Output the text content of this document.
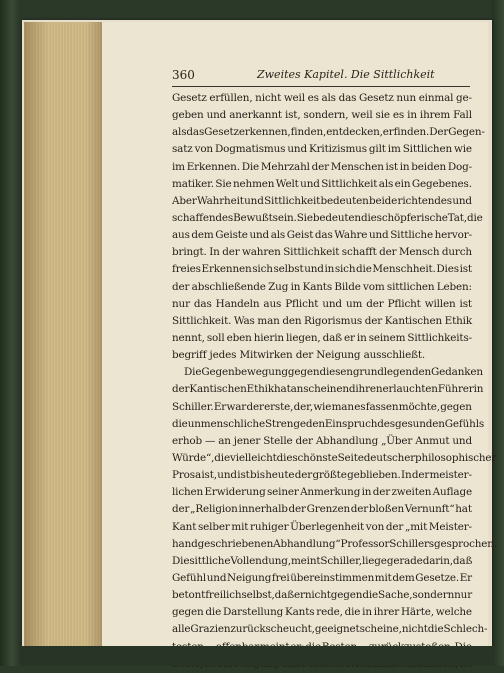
360	Zweites Kapitel. Die Sittlichkeit
Gesetz erfüllen, nicht weil es als das Gesetz nun einmal ge-
geben und anerkannt ist, sondern, weil sie es in ihrem Fall
als das Gesetz erkennen, finden, entdecken, erfinden. Der Gegen-
satz von Dogmatismus und Kritizismus gilt im Sittlichen wie
im Erkennen. Die Mehrzahl der Menschen ist in beiden Dog-
matiker. Sie nehmen Welt und Sittlichkeit als ein Gegebenes.
Aber Wahrheit und Sittlichkeit bedeuten beide richtendes und
schaffendes Bewußtsein. Sie bedeuten die schöpferische Tat, die
aus dem Geiste und als Geist das Wahre und Sittliche hervor-
bringt. In der wahren Sittlichkeit schafft der Mensch durch
freies Erkennen sich selbst und in sich die Menschheit. Dies ist
der abschließende Zug in Kants Bilde vom sittlichen Leben:
nur das Handeln aus Pflicht und um der Pflicht willen ist
Sittlichkeit. Was man den Rigorismus der Kantischen Ethik
nennt, soll eben hierin liegen, daß er in seinem Sittlichkeits-
begriff jedes Mitwirken der Neigung ausschließt.
Die Gegenbewegung gegen diesen grundlegenden Gedanken
der Kantischen Ethik hat anscheinend ihren erlauchten Führer in
Schiller. Er war der erste, der, wie man es fassen möchte, gegen
die unmenschliche Strenge den Einspruch des gesunden Gefühls
erhob — an jener Stelle der Abhandlung „Über Anmut und
Würde“, die vielleicht die schönste Seite deutscher philosophischer
Prosa ist, und ist bis heute der größte geblieben. In der meister-
lichen Erwiderung seiner Anmerkung in der zweiten Auflage
der „Religion innerhalb der Grenzen der bloßen Vernunft“ hat
Kant selber mit ruhiger Überlegenheit von der „mit Meister-
hand geschriebenen Abhandlung“ Professor Schillers gesprochen.
Die sittliche Vollendung, meint Schiller, liege gerade darin, daß
Gefühl und Neigung frei übereinstimmen mit dem Gesetze. Er
betont freilich selbst, daß er nicht gegen die Sache, sondern nur
gegen die Darstellung Kants rede, die in ihrer Härte, welche
alle Grazien zurückscheucht, geeignet scheine, nicht die Schlech-
